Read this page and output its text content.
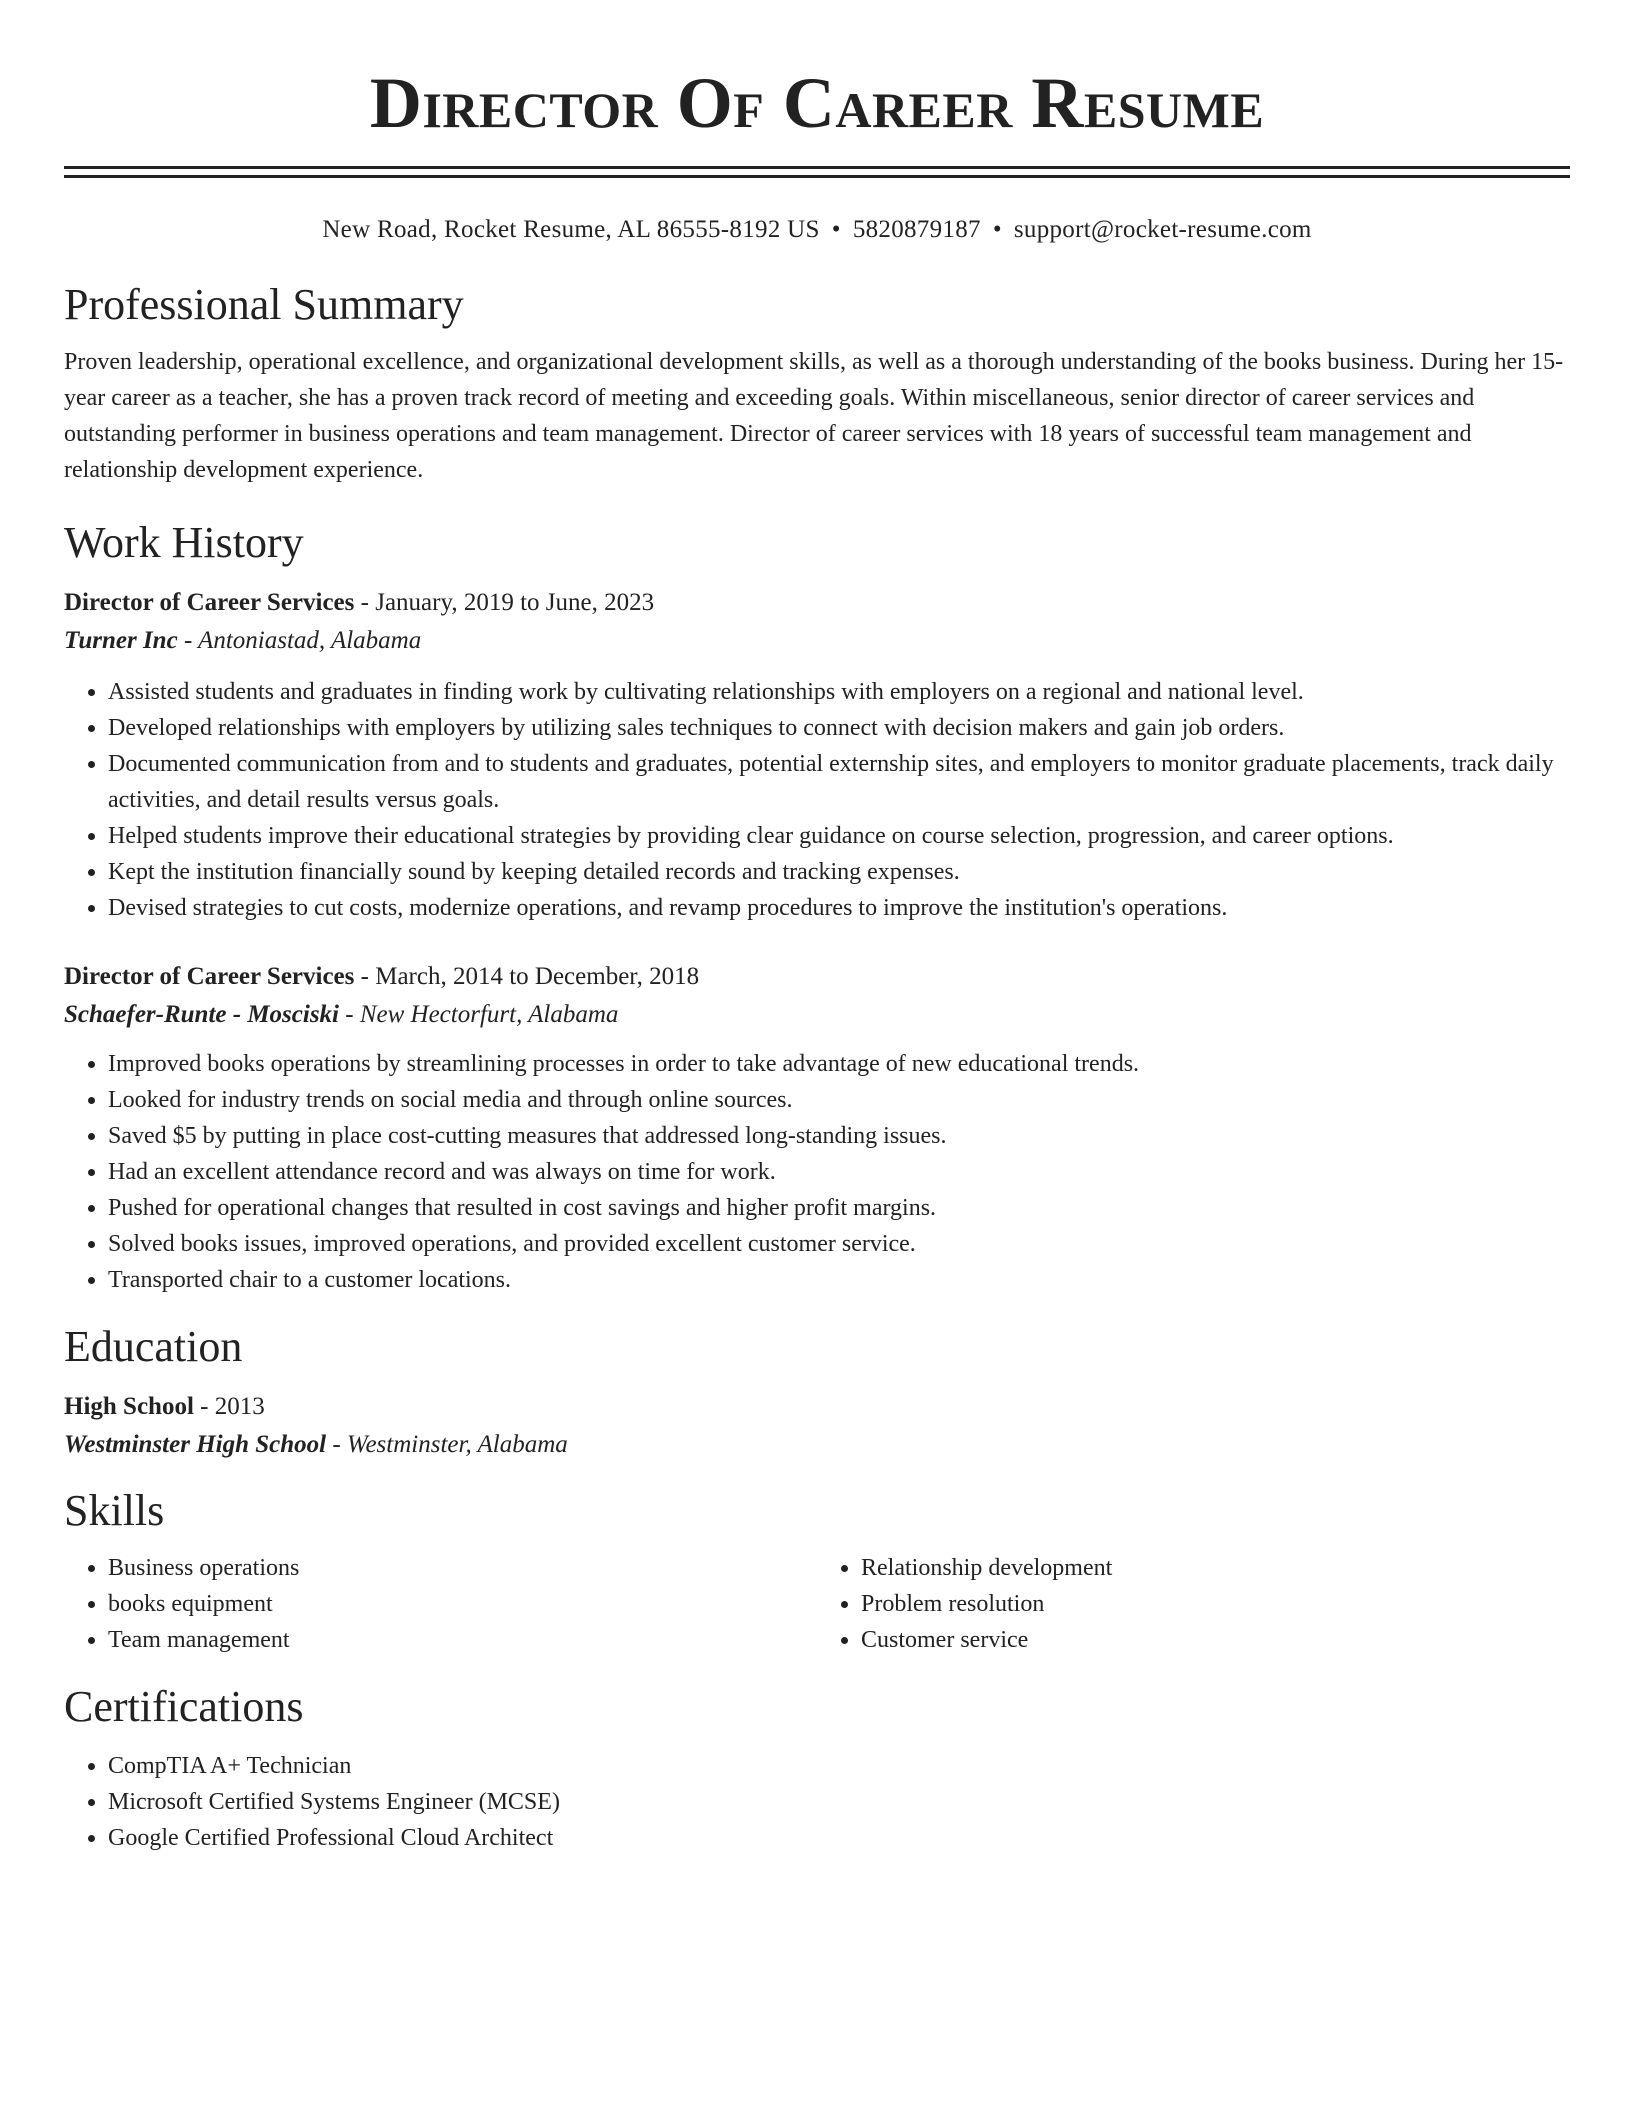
Director Of Career Resume
New Road, Rocket Resume, AL 86555-8192 US • 5820879187 • support@rocket-resume.com
Professional Summary
Proven leadership, operational excellence, and organizational development skills, as well as a thorough understanding of the books business. During her 15-year career as a teacher, she has a proven track record of meeting and exceeding goals. Within miscellaneous, senior director of career services and outstanding performer in business operations and team management. Director of career services with 18 years of successful team management and relationship development experience.
Work History
Director of Career Services - January, 2019 to June, 2023
Turner Inc - Antoniastad, Alabama
• Assisted students and graduates in finding work by cultivating relationships with employers on a regional and national level.
• Developed relationships with employers by utilizing sales techniques to connect with decision makers and gain job orders.
• Documented communication from and to students and graduates, potential externship sites, and employers to monitor graduate placements, track daily activities, and detail results versus goals.
• Helped students improve their educational strategies by providing clear guidance on course selection, progression, and career options.
• Kept the institution financially sound by keeping detailed records and tracking expenses.
• Devised strategies to cut costs, modernize operations, and revamp procedures to improve the institution's operations.
Director of Career Services - March, 2014 to December, 2018
Schaefer-Runte - Mosciski - New Hectorfurt, Alabama
• Improved books operations by streamlining processes in order to take advantage of new educational trends.
• Looked for industry trends on social media and through online sources.
• Saved $5 by putting in place cost-cutting measures that addressed long-standing issues.
• Had an excellent attendance record and was always on time for work.
• Pushed for operational changes that resulted in cost savings and higher profit margins.
• Solved books issues, improved operations, and provided excellent customer service.
• Transported chair to a customer locations.
Education
High School - 2013
Westminster High School - Westminster, Alabama
Skills
• Business operations
• books equipment
• Team management
• Relationship development
• Problem resolution
• Customer service
Certifications
• CompTIA A+ Technician
• Microsoft Certified Systems Engineer (MCSE)
• Google Certified Professional Cloud Architect
